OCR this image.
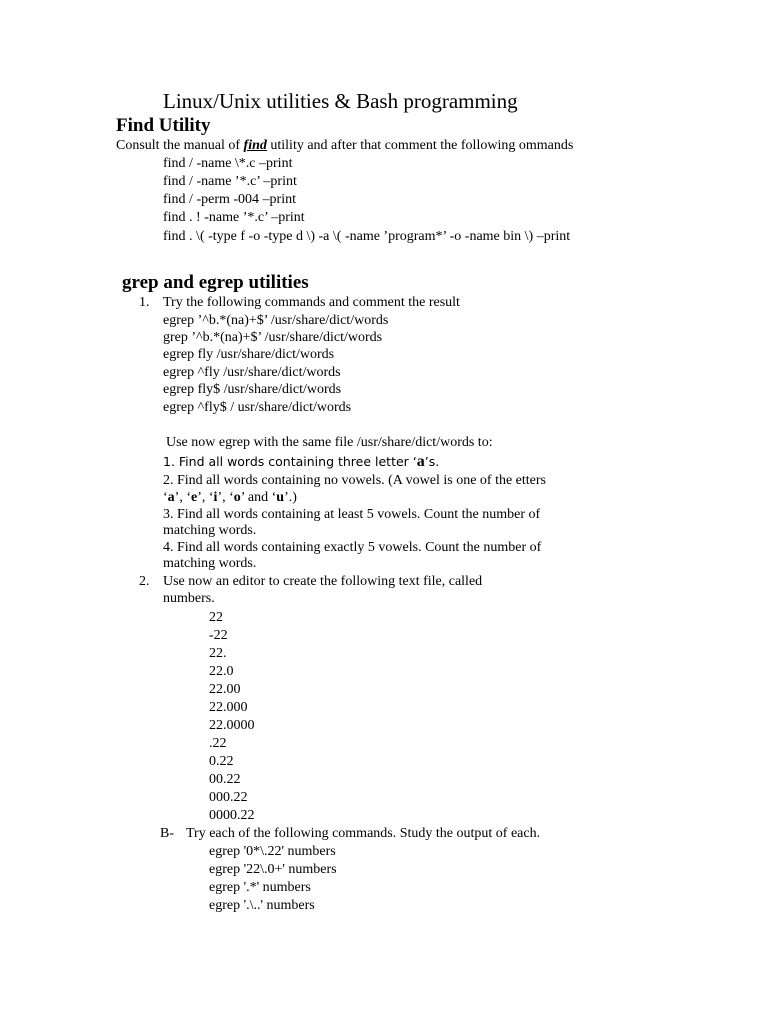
Linux/Unix utilities & Bash programming
Find Utility
Consult the manual of find utility and after that comment the following ommands
find / -name \*.c –print
find / -name ’*.c’ –print
find / -perm -004 –print
find . ! -name ’*.c’ –print
find . \( -type f -o -type d \) -a \( -name ’program*’ -o -name bin \) –print
grep and egrep utilities
1. Try the following commands and comment the result
egrep ’^b.*(na)+$’ /usr/share/dict/words
grep ’^b.*(na)+$’ /usr/share/dict/words
egrep fly /usr/share/dict/words
egrep ^fly /usr/share/dict/words
egrep fly$ /usr/share/dict/words
egrep ^fly$ / usr/share/dict/words
Use now egrep with the same file /usr/share/dict/words to:
1. Find all words containing three letter ‘a’s.
2. Find all words containing no vowels. (A vowel is one of the etters
‘a’, ‘e’, ‘i’, ‘o’ and ‘u’.)
3. Find all words containing at least 5 vowels. Count the number of
matching words.
4. Find all words containing exactly 5 vowels. Count the number of
matching words.
2. Use now an editor to create the following text file, called
numbers.
22
-22
22.
22.0
22.00
22.000
22.0000
.22
0.22
00.22
000.22
0000.22
B- Try each of the following commands. Study the output of each.
egrep '0*\.22' numbers
egrep '22\.0+' numbers
egrep '.*' numbers
egrep '.\..' numbers
